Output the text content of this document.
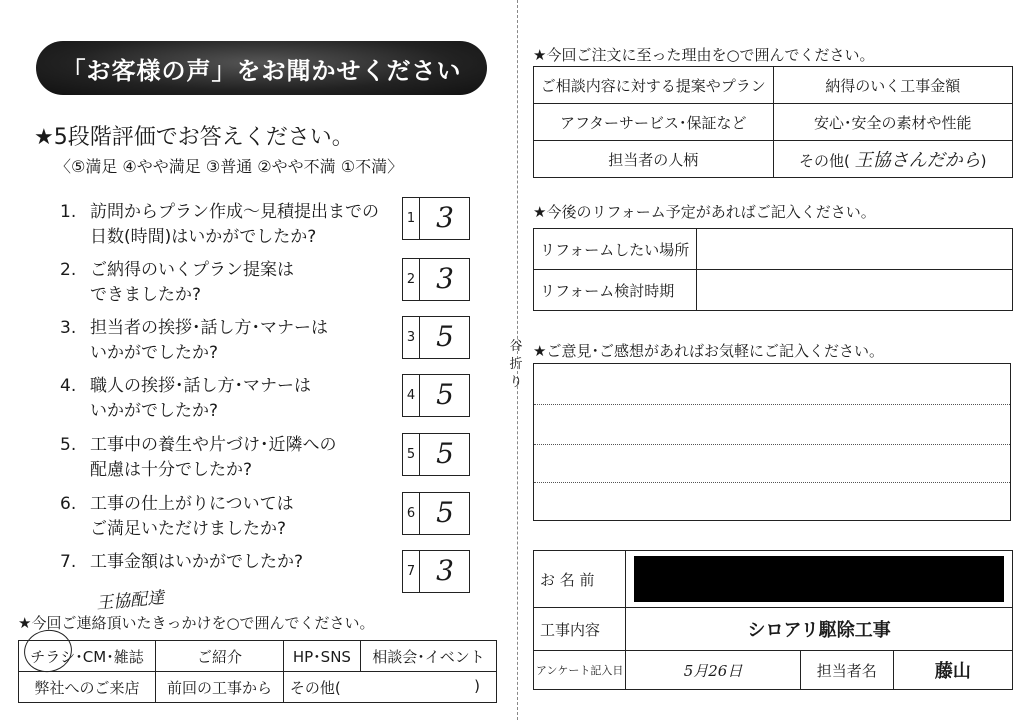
「お客様の声」をお聞かせください
★5段階評価でお答えください。
〈⑤満足 ④やや満足 ③普通 ②やや不満 ①不満〉
1. 訪問からプラン作成～見積提出までの
日数(時間)はいかがでしたか?
1 3
2. ご納得のいくプラン提案は
できましたか?
2 3
3. 担当者の挨拶･話し方･マナーは
いかがでしたか?
3 5
4. 職人の挨拶･話し方･マナーは
いかがでしたか?
4 5
5. 工事中の養生や片づけ･近隣への
配慮は十分でしたか?
5 5
6. 工事の仕上がりについては
ご満足いただけましたか?
6 5
7. 工事金額はいかがでしたか?	7 3
王協配達
★今回ご連絡頂いたきっかけを○で囲んでください。
チラシ･CM･雑誌	ご紹介	HP･SNS	相談会･イベント
弊社へのご来店	前回の工事から	その他( )	
谷折り
★今回ご注文に至った理由を○で囲んでください。
ご相談内容に対する提案やプラン	納得のいく工事金額
アフターサービス･保証など	安心･安全の素材や性能
担当者の人柄	その他( 王協さんだから)
★今後のリフォーム予定があればご記入ください。
リフォームしたい場所	
リフォーム検討時期	
★ご意見･ご感想があればお気軽にご記入ください。
お 名 前			

工事内容	シロアリ駆除工事		
アンケート記入日	5月26日	担当者名	藤山
